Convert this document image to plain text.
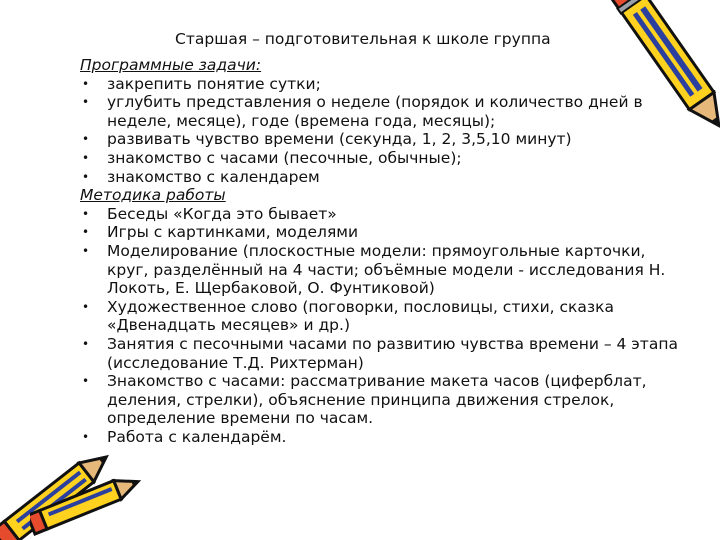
Старшая – подготовительная к школе группа
Программные задачи:
• закрепить понятие сутки;
• углубить представления о неделе (порядок и количество дней в неделе, месяце), годе (времена года, месяцы);
• развивать чувство времени (секунда, 1, 2, 3,5,10 минут)
• знакомство с часами (песочные, обычные);
• знакомство с календарем
Методика работы
• Беседы «Когда это бывает»
• Игры с картинками, моделями
• Моделирование (плоскостные модели: прямоугольные карточки, круг, разделённый на 4 части; объёмные модели - исследования Н. Локоть, Е. Щербаковой, О. Фунтиковой)
• Художественное слово (поговорки, пословицы, стихи, сказка «Двенадцать месяцев» и др.)
• Занятия с песочными часами по развитию чувства времени – 4 этапа (исследование Т.Д. Рихтерман)
• Знакомство с часами: рассматривание макета часов (циферблат, деления, стрелки), объяснение принципа движения стрелок, определение времени по часам.
• Работа с календарём.
